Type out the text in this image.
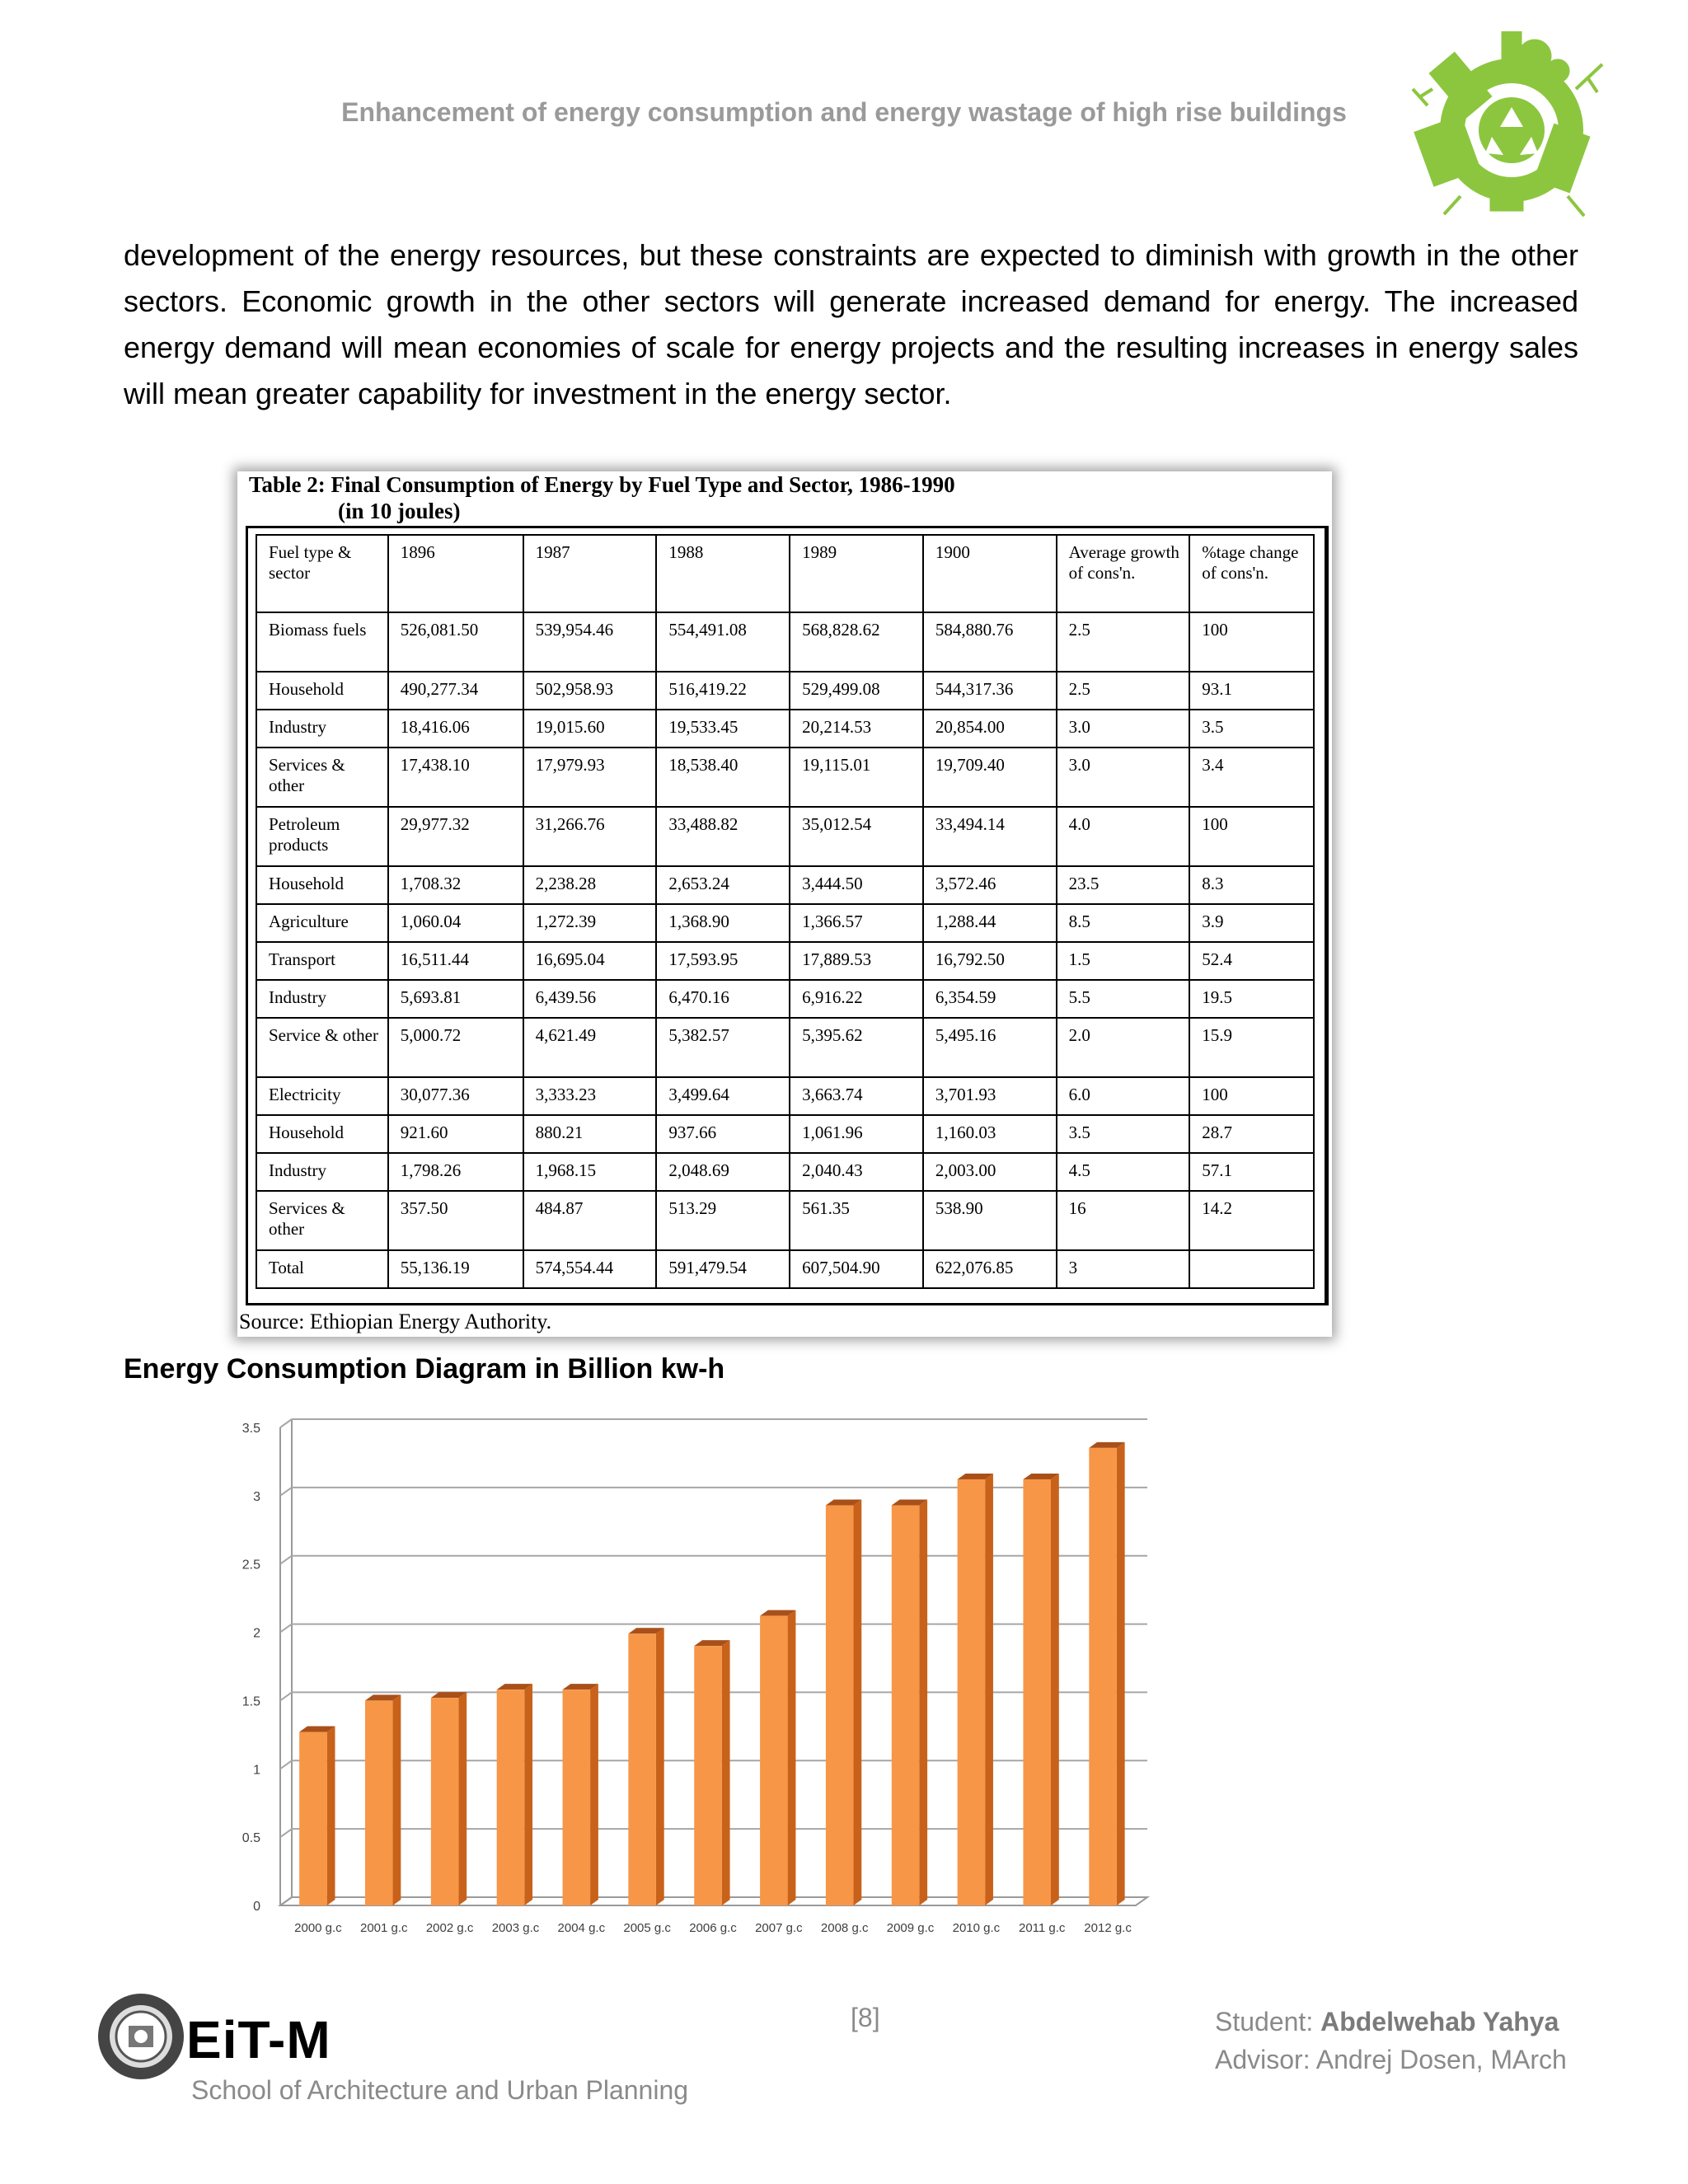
Enhancement of energy consumption and energy wastage of high rise buildings
development of the energy resources, but these constraints are expected to diminish with growth in the other sectors. Economic growth in the other sectors will generate increased demand for energy. The increased energy demand will mean economies of scale for energy projects and the resulting increases in energy sales will mean greater capability for investment in the energy sector.
Table 2: Final Consumption of Energy by Fuel Type and Sector, 1986-1990
(in 10 joules)
Fuel type & sector	1896	1987	1988	1989	1900	Average growth of cons'n.	%tage change of cons'n.
Biomass fuels	526,081.50	539,954.46	554,491.08	568,828.62	584,880.76	2.5	100
Household	490,277.34	502,958.93	516,419.22	529,499.08	544,317.36	2.5	93.1
Industry	18,416.06	19,015.60	19,533.45	20,214.53	20,854.00	3.0	3.5
Services & other	17,438.10	17,979.93	18,538.40	19,115.01	19,709.40	3.0	3.4
Petroleum products	29,977.32	31,266.76	33,488.82	35,012.54	33,494.14	4.0	100
Household	1,708.32	2,238.28	2,653.24	3,444.50	3,572.46	23.5	8.3
Agriculture	1,060.04	1,272.39	1,368.90	1,366.57	1,288.44	8.5	3.9
Transport	16,511.44	16,695.04	17,593.95	17,889.53	16,792.50	1.5	52.4
Industry	5,693.81	6,439.56	6,470.16	6,916.22	6,354.59	5.5	19.5
Service & other	5,000.72	4,621.49	5,382.57	5,395.62	5,495.16	2.0	15.9
Electricity	30,077.36	3,333.23	3,499.64	3,663.74	3,701.93	6.0	100
Household	921.60	880.21	937.66	1,061.96	1,160.03	3.5	28.7
Industry	1,798.26	1,968.15	2,048.69	2,040.43	2,003.00	4.5	57.1
Services & other	357.50	484.87	513.29	561.35	538.90	16	14.2
Total	55,136.19	574,554.44	591,479.54	607,504.90	622,076.85	3	
Source: Ethiopian Energy Authority.
Energy Consumption Diagram in Billion kw-h
0
0.5
1
1.5
2
2.5
3
3.5
2000 g.c 2001 g.c 2002 g.c 2003 g.c 2004 g.c 2005 g.c 2006 g.c 2007 g.c 2008 g.c 2009 g.c 2010 g.c 2011 g.c 2012 g.c
EiT-M
School of Architecture and Urban Planning
[8]	Student: Abdelwehab Yahya
Advisor: Andrej Dosen, MArch
